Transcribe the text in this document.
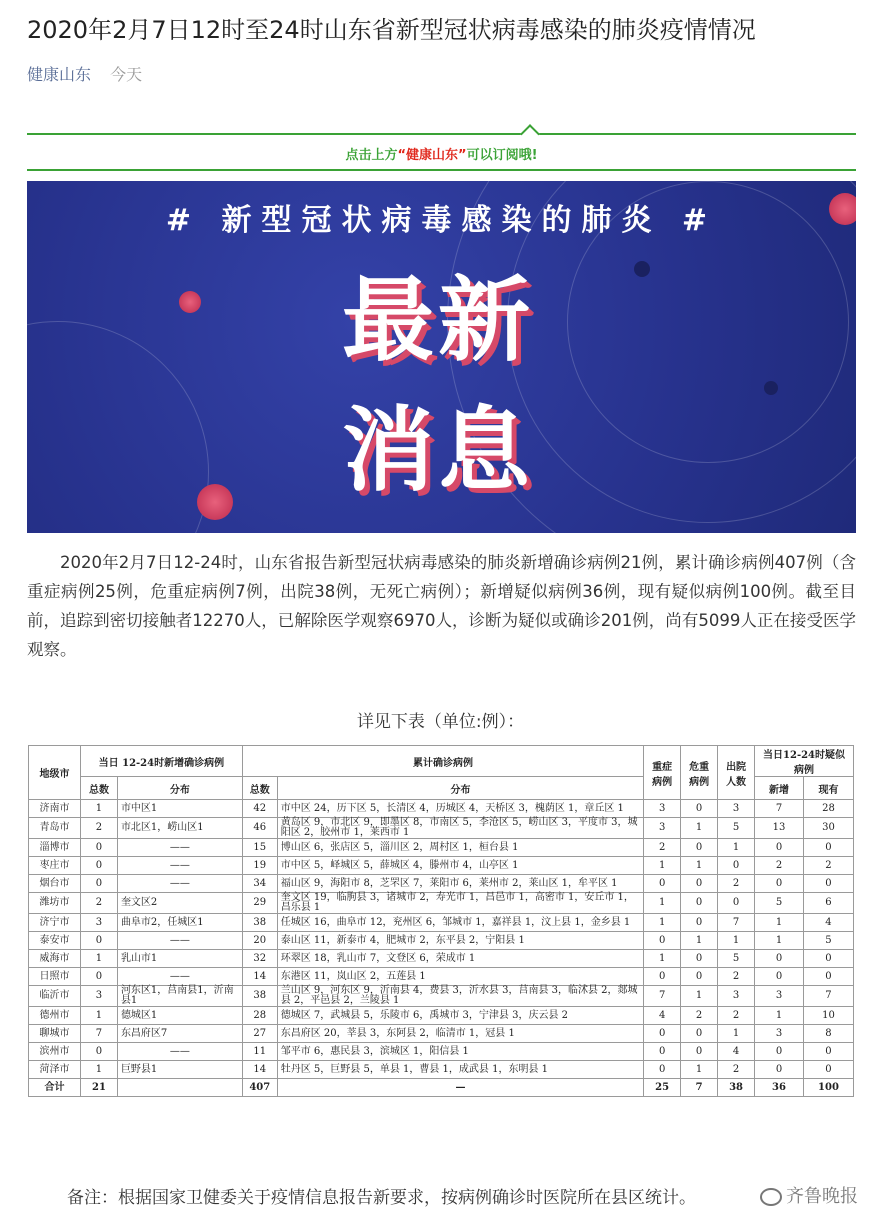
2020年2月7日12时至24时山东省新型冠状病毒感染的肺炎疫情情况
健康山东 今天
点击上方“健康山东”可以订阅哦!
# 新型冠状病毒感染的肺炎 #
最新
消息
2020年2月7日12-24时，山东省报告新型冠状病毒感染的肺炎新增确诊病例21例，累计确诊病例407例（含重症病例25例，危重症病例7例，出院38例，无死亡病例）；新增疑似病例36例，现有疑似病例100例。截至目前，追踪到密切接触者12270人，已解除医学观察6970人，诊断为疑似或确诊201例，尚有5099人正在接受医学观察。
详见下表（单位:例）：
地级市	当日 12-24时新增确诊病例		累计确诊病例		重症病例	危重病例	出院人数	当日12-24时疑似病例	
	总数	分布	总数	分布				新增	现有
济南市	1	市中区1	42	市中区 24，历下区 5，长清区 4，历城区 4，天桥区 3，槐荫区 1，章丘区 1	3	0	3	7	28
青岛市	2	市北区1，崂山区1	46	黄岛区 9，市北区 9，即墨区 8，市南区 5，李沧区 5，崂山区 3，平度市 3，城阳区 2，胶州市 1，莱西市 1	3	1	5	13	30
淄博市	0	——	15	博山区 6，张店区 5，淄川区 2，周村区 1，桓台县 1	2	0	1	0	0
枣庄市	0	——	19	市中区 5，峄城区 5，薛城区 4，滕州市 4，山亭区 1	1	1	0	2	2
烟台市	0	——	34	福山区 9，海阳市 8，芝罘区 7，莱阳市 6，莱州市 2，莱山区 1，牟平区 1	0	0	2	0	0
潍坊市	2	奎文区2	29	奎文区 19，临朐县 3，诸城市 2，寿光市 1，昌邑市 1，高密市 1，安丘市 1，昌乐县 1	1	0	0	5	6
济宁市	3	曲阜市2，任城区1	38	任城区 16，曲阜市 12，兖州区 6，邹城市 1，嘉祥县 1，汶上县 1，金乡县 1	1	0	7	1	4
泰安市	0	——	20	泰山区 11，新泰市 4，肥城市 2，东平县 2，宁阳县 1	0	1	1	1	5
威海市	1	乳山市1	32	环翠区 18，乳山市 7，文登区 6，荣成市 1	1	0	5	0	0
日照市	0	——	14	东港区 11，岚山区 2，五莲县 1	0	0	2	0	0
临沂市	3	河东区1，莒南县1，沂南县1	38	兰山区 9，河东区 9，沂南县 4，费县 3，沂水县 3，莒南县 3，临沭县 2，郯城县 2，平邑县 2，兰陵县 1	7	1	3	3	7
德州市	1	德城区1	28	德城区 7，武城县 5，乐陵市 6，禹城市 3，宁津县 3，庆云县 2	4	2	2	1	10
聊城市	7	东昌府区7	27	东昌府区 20，莘县 3，东阿县 2，临清市 1，冠县 1	0	0	1	3	8
滨州市	0	——	11	邹平市 6，惠民县 3，滨城区 1，阳信县 1	0	0	4	0	0
菏泽市	1	巨野县1	14	牡丹区 5，巨野县 5，单县 1，曹县 1，成武县 1，东明县 1	0	1	2	0	0
合计	21		407	—	25	7	38	36	100
备注：根据国家卫健委关于疫情信息报告新要求，按病例确诊时医院所在县区统计。	齐鲁晚报
